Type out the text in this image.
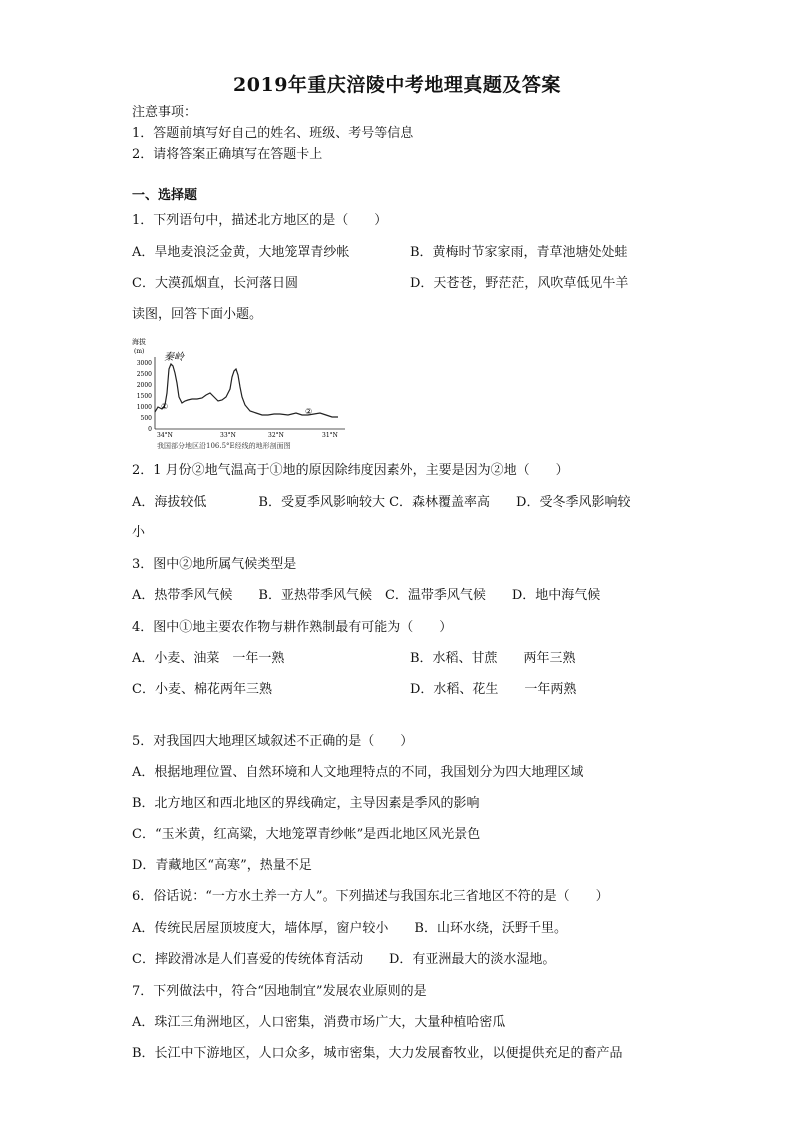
2019年重庆涪陵中考地理真题及答案
注意事项：
1．答题前填写好自己的姓名、班级、考号等信息
2．请将答案正确填写在答题卡上
一、选择题
1．下列语句中，描述北方地区的是（　　）
A．旱地麦浪泛金黄，大地笼罩青纱帐	B．黄梅时节家家雨，青草池塘处处蛙
C．大漠孤烟直，长河落日圆	D．天苍苍，野茫茫，风吹草低见牛羊
读图，回答下面小题。
海拔
(m)
秦岭
3000
2500
2000
1500
1000
500
0
①
②
34°N	33°N	32°N	31°N
我国部分地区沿106.5°E经线的地形剖面图
2．1 月份②地气温高于①地的原因除纬度因素外，主要是因为②地（　　）
A．海拔较低　　　　B．受夏季风影响较大 C．森林覆盖率高　　D．受冬季风影响较
小
3．图中②地所属气候类型是
A．热带季风气候　　B．亚热带季风气候　C．温带季风气候　　D．地中海气候
4．图中①地主要农作物与耕作熟制最有可能为（　　）
A．小麦、油菜　一年一熟	B．水稻、甘蔗　　两年三熟
C．小麦、棉花两年三熟	D．水稻、花生　　一年两熟
5．对我国四大地理区域叙述不正确的是（　　）
A．根据地理位置、自然环境和人文地理特点的不同，我国划分为四大地理区域
B．北方地区和西北地区的界线确定，主导因素是季风的影响
C．“玉米黄，红高粱，大地笼罩青纱帐”是西北地区风光景色
D．青藏地区“高寒”，热量不足
6．俗话说：“一方水土养一方人”。下列描述与我国东北三省地区不符的是（　　）
A．传统民居屋顶坡度大，墙体厚，窗户较小　　B．山环水绕，沃野千里。
C．摔跤滑冰是人们喜爱的传统体育活动　　D．有亚洲最大的淡水湿地。
7．下列做法中，符合“因地制宜”发展农业原则的是
A．珠江三角洲地区，人口密集，消费市场广大，大量种植哈密瓜
B．长江中下游地区，人口众多，城市密集，大力发展畜牧业，以便提供充足的畜产品
